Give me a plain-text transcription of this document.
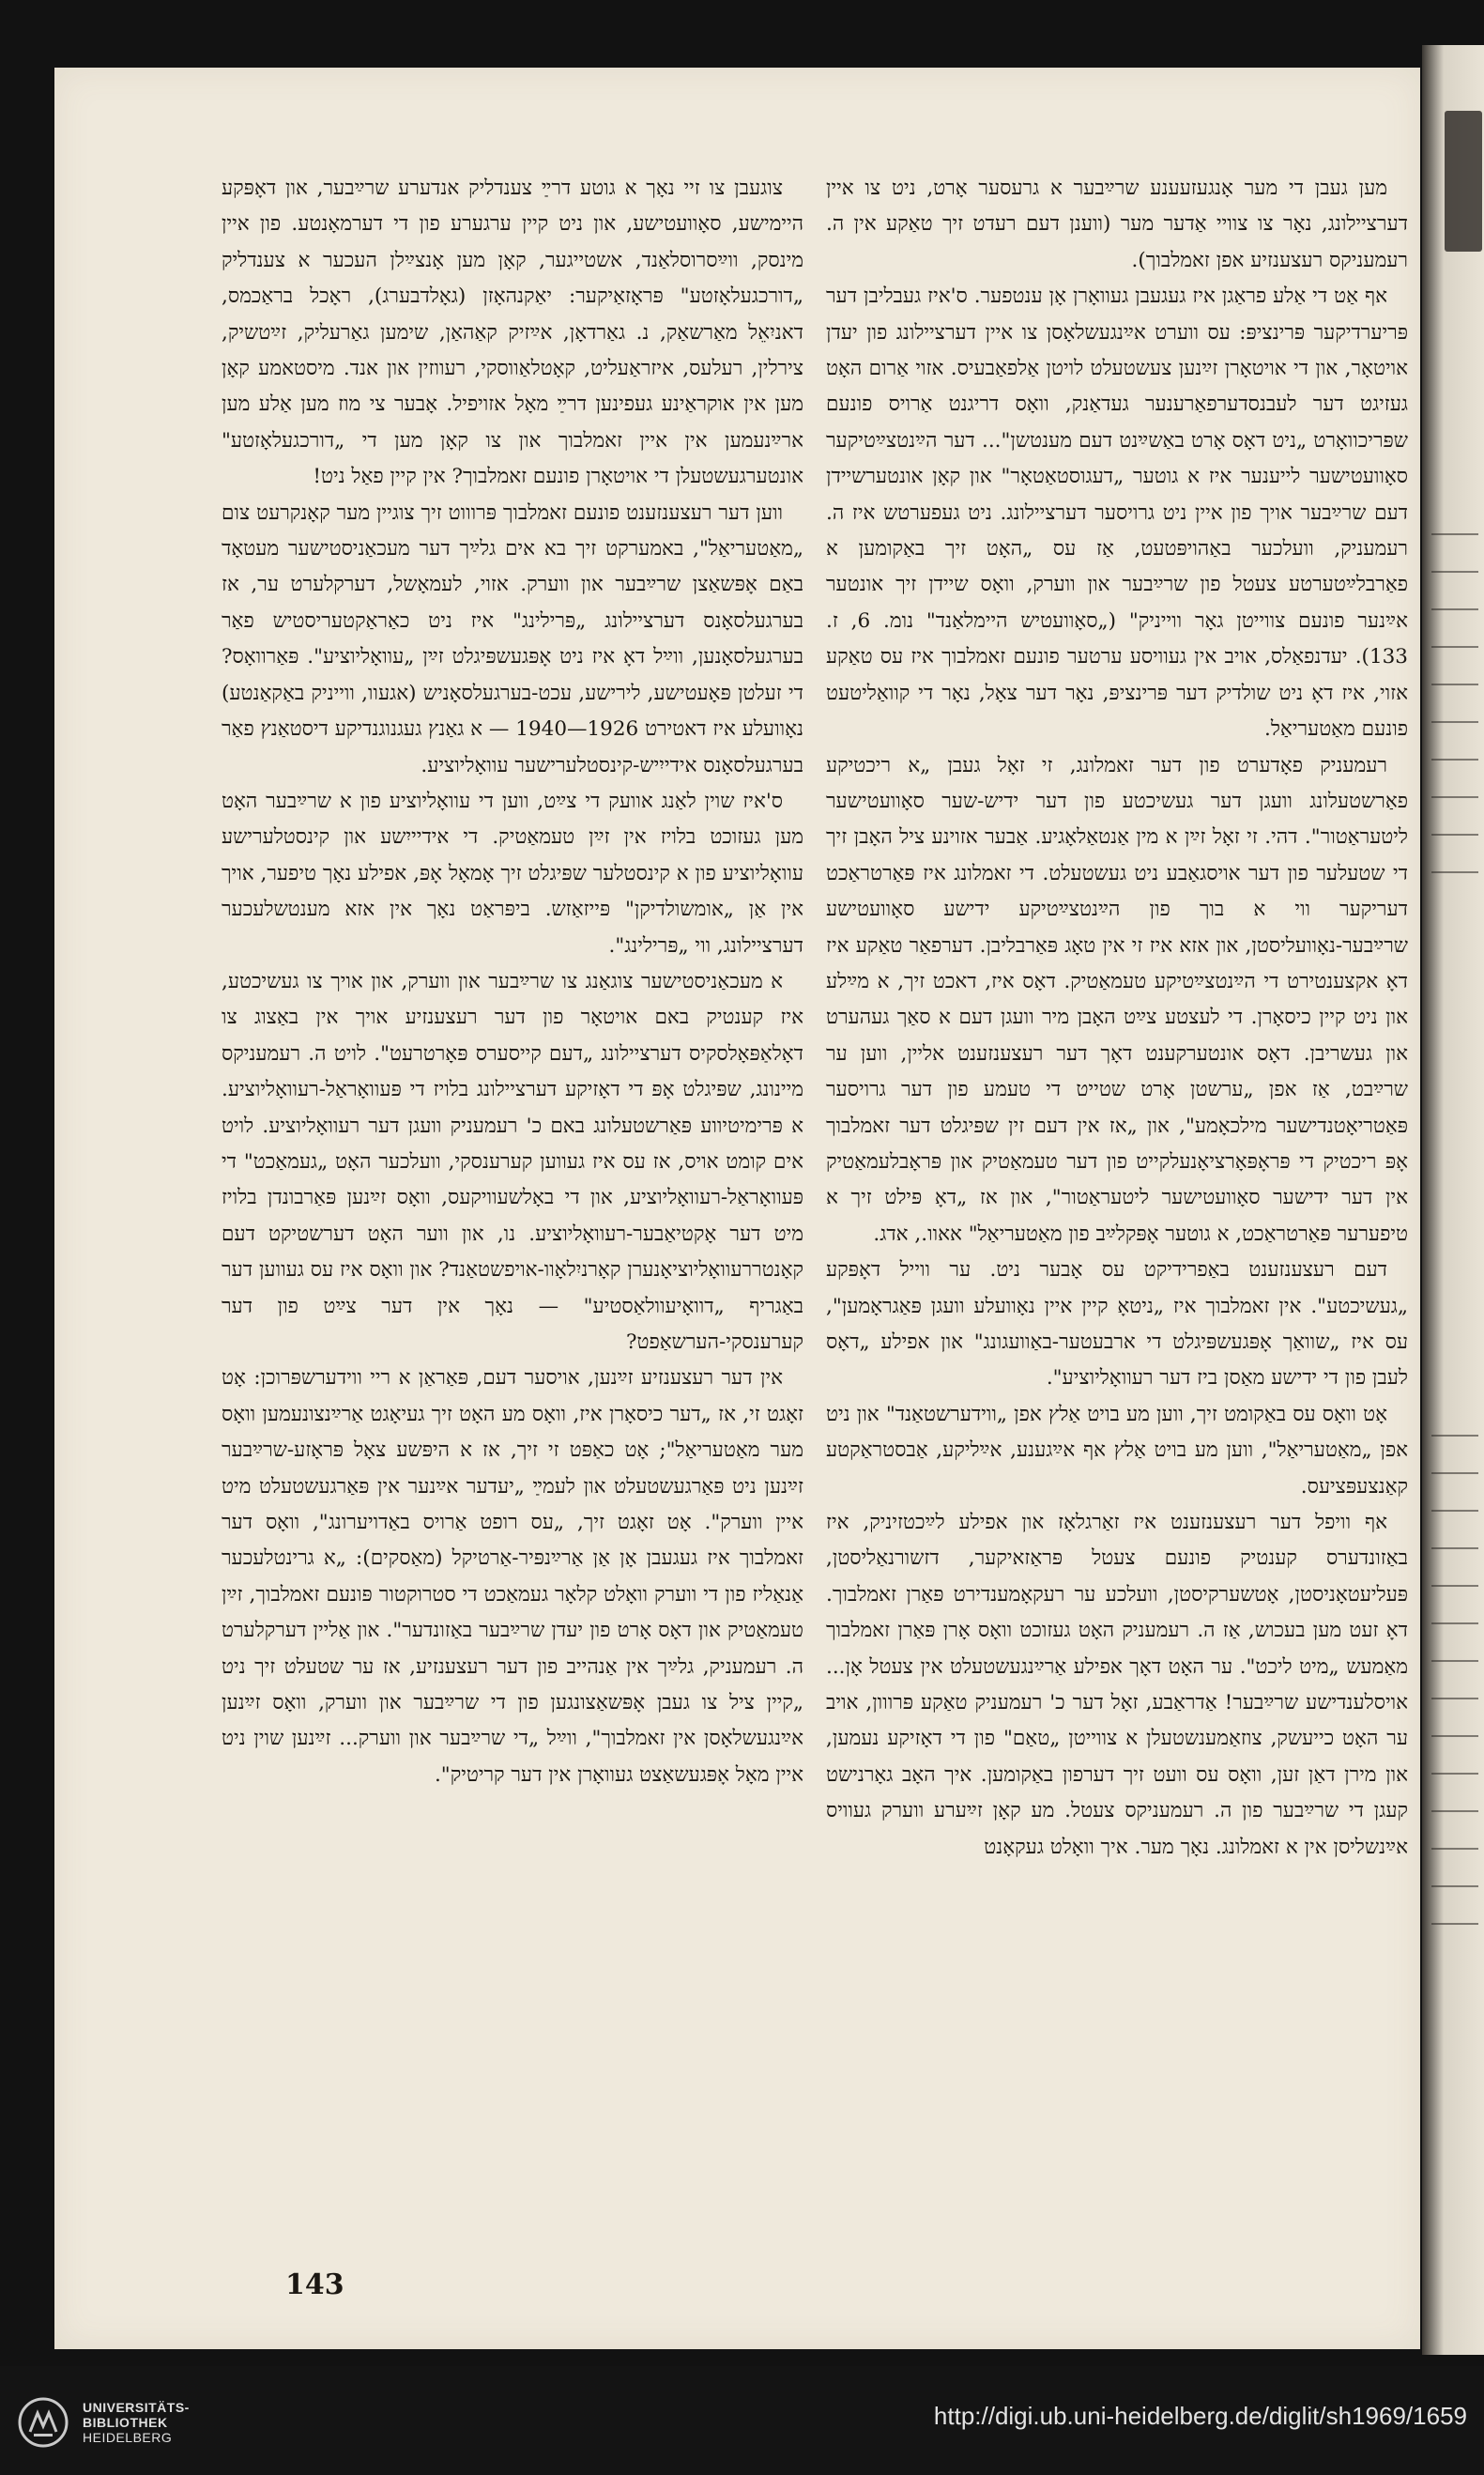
מען געבן די מער אָנגעזעענע שרײַבער א גרעסער אָרט, ניט צו איין דערציילונג, נאָר צו צוויי אַדער מער (ווענן דעם רעדט זיך טאַקע אין ה. רעמעניקס רעצענזיע אפן זאמלבוך).

אף אַט די אַלע פראַגן איז געגעבן געוואָרן אָן ענטפער. ס'איז געבליבן דער פּריערדיקער פּרינציפּ: עס ווערט אײַנגעשלאָסן צו איין דערציילונג פון יעדן אויטאָר, און די אויטאָרן זײַנען צעשטעלט לויטן אַלפאַבעיס. אזוי אַרום האָט געזיגט דער לעבנסדערפאַרענער געדאַנק, וואָס דריגנט אַרויס פונעם שפּריכוואָרט „ניט דאָס אָרט באַשײַנט דעם מענטשן"... דער הײַנטצײַטיקער סאָוועטישער לייענער איז א גוטער „דעגוסטאַטאָר" און קאָן אונטערשיידן דעם שרײַבער אויך פון איין ניט גרויסער דערציילונג. ניט געפערטש איז ה. רעמעניק, וועלכער באַהויפּטעט, אַז עס „האָט זיך באַקומען א פאַרבלײַטערטע צעטל פון שרײַבער און ווערק, וואָס שיידן זיך אונטער אײַנער פונעם צווייטן גאָר ווייניק" („סאָוועטיש היימלאַנד" נומ. 6, ז. 133). יעדנפאַלס, אויב אין געוויסע ערטער פונעם זאמלבוך איז עס טאַקע אזוי, איז דאָ ניט שולדיק דער פּרינציפּ, נאָר דער צאָל, נאָר די קוואַליטעט פונעם מאַטעריאַל.

רעמעניק פאָדערט פון דער זאמלונג, זי זאָל געבן „א ריכטיקע פאַרשטעלונג וועגן דער געשיכטע פון דער ידיש-שער סאָוועטישער ליטעראַטור". דהי. זי זאָל זײַן א מין אַנטאַלאָגיע. אַבער אזוינע ציל האָבן זיך די שטעלער פון דער אויסגאַבע ניט געשטעלט. די זאמלונג איז פּאַרטראַכט דעריקער ווי א בוך פון הײַנטצײַטיקע ידישע סאָוועטישע שרײַבער-נאָוועליסטן, און אזא איז זי אין טאָג פּאַרבליבן. דערפאַר טאַקע איז דאָ אקצענטירט די הײַנטצײַטיקע טעמאַטיק. דאָס איז, דאכט זיך, א מײַלע און ניט קיין כיסאָרן. די לעצטע צײַט האָבן מיר וועגן דעם א סאַך געהערט און געשריבן. דאָס אונטערקענט דאָך דער רעצענזענט אליין, ווען ער שרײַבט, אַז אפן „ערשטן אָרט שטייט די טעמע פון דער גרויסער פּאַטריאָטנדישער מילכאָמע", און „אז אין דעם זין שפּיגלט דער זאמלבוך אָפּ ריכטיק די פּראָפּאָרציאָנעלקייט פון דער טעמאַטיק און פּראָבלעמאַטיק אין דער ידישער סאָוועטישער ליטעראַטור", און אז „דאָ פּילט זיך א טיפערער פּאַרטראַכט, א גוטער אָפּקלײַב פון מאַטעריאַל" אאוו., אדג.

דעם רעצענזענט באַפרידיקט עס אָבער ניט. ער ווייל דאָפּקע „געשיכטע". אין זאמלבוך איז „ניטאָ קיין איין נאָוועלע וועגן פּאַגראָמען", עס איז „שוואַך אָפּגעשפּיגלט די ארבעטער-באַוועגונג" און אפילע „דאָס לעבן פון די ידישע מאַסן ביז דער רעוואָליוציע".

אָט וואָס עס באַקומט זיך, ווען מע בויט אַלץ אפן „ווידערשטאַנד" און ניט אפן „מאַטעריאַל", ווען מע בויט אַלץ אף אײַגענע, אײַליקע, אַבסטראַקטע קאַנצעפּציעס.

אף וויפל דער רעצענזענט איז זאַרגלאָז און אפילע לײַכטזיניק, איז באַזונדערס קענטיק פונעם צעטל פּראַזאיקער, דזשורנאַליסטן, פּעליעטאָניסטן, אָטשערקיסטן, וועלכע ער רעקאָמענדירט פּאַרן זאמלבוך. דאָ זעט מען בעכוש, אַז ה. רעמעניק האָט געזוכט וואָס אָרן פּאַרן זאמלבוך מאַמעש „מיט ליכט". ער האָט דאָך אפילע אַרײַנגעשטעלט אין צעטל אָן... אויסלענדישע שרײַבער! אַדראַבע, זאָל דער כ' רעמעניק טאַקע פּרווון, אויב ער האָט כייעשק, צוזאַמענשטעלן א צווייטן „טאַם" פון די דאָזיקע נעמען, און מירן דאַן זען, וואָס עס וועט זיך דערפון באַקומען. איך האָב גאָרנישט קעגן די שרײַבער פון ה. רעמעניקס צעטל. מע קאָן זײַערע ווערק געוויס אײַנשליסן אין א זאמלונג. נאָך מער. איך וואָלט געקאָנט

צוגעבן צו זיי נאָך א גוטע דרײַ צענדליק אנדערע שרײַבער, און דאָפּקע היימישע, סאָוועטישע, און ניט קיין ערגערע פון די דערמאָנטע. פון איין מינסק, ווײַסרוסלאַנד, אשטייגער, קאָן מען אָנצײַלן העכער א צענדליק „דורכגעלאָזטע" פּראָזאַיקער: יאַקנהאָזן (גאָלדבערג), ראָכל בראַכמס, דאניִאֵל מאַרשאַק, נ. גאַרדאָן, אײַזיק קאַהאַן, שימען גאַרעליק, זײַטשיק, צירלין, רעלעס, איזראַעליט, קאָטלאַווסקי, רעווזין און אנד. מיסטאמע קאָן מען אין אוקראַינע געפינען דרײַ מאָל אזויפיל. אָבער צי מוז מען אַלע מען ארײַנעמען אין איין זאמלבוך און צו קאָן מען די „דורכגעלאָזטע" אונטערגעשטעלן די אויטאָרן פונעם זאמלבוך? אין קיין פאַל ניט!

ווען דער רעצענזענט פונעם זאמלבוך פּרוווט זיך צוגיין מער קאָנקרעט צום „מאַטעריאַל", באמערקט זיך בא אים גלײַך דער מעכאַניסטישער מעטאָד באַם אָפּשאַצן שרײַבער און ווערק. אזוי, לעמאָשל, דערקלערט ער, אז בערגעלסאָנס דערציילונג „פּרילינג" איז ניט כאַראַקטעריסטיש פאַר בערגעלסאָנען, ווײַל דאָ איז ניט אָפּגעשפּיגלט זײַן „עוואָליוציע". פּאַרוואָס? די זעלטן פּאָעטישע, לירישע, עכט-בערגעלסאָניש (אגעוו, ווייניק באַקאַנטע) נאָוועלע איז דאטירט 1926—1940 — א גאַנץ געגנוגנדיקע דיסטאַנץ פאַר בערגעלסאָנס אידייִיש-קינסטלערישער עוואָליוציע.

ס'איז שוין לאַנג אוועק די צײַט, ווען די עוואָליוציע פון א שרײַבער האָט מען געזוכט בלויז אין זײַן טעמאַטיק. די אידיייִשע און קינסטלערישע עוואָליוציע פון א קינסטלער שפּיגלט זיך אָמאָל אָפּ, אפילע נאָך טיפער, אויך אין אַן „אומשולדיקן" פּייזאַזש. ביפּראַט נאָך אין אזא מענטשלעכער דערציילונג, ווי „פּרילינג".

א מעכאַניסטישער צוגאַנג צו שרײַבער און ווערק, און אויך צו געשיכטע, איז קענטיק באם אויטאָר פון דער רעצענזיע אויך אין באַצוג צו דאָלאַפּאָלסקיס דערציילונג „דעם קייסערס פּאָרטרעט". לויט ה. רעמעניקס מיינונג, שפּיגלט אָפּ די דאָזיקע דערציילונג בלויז די פּעוואָראַל-רעוואָליוציע. א פּרימיטיווע פּאַרשטעלונג באם כ' רעמעניק וועגן דער רעוואָליוציע. לויט אים קומט אויס, אז עס איז געווען קערענסקי, וועלכער האָט „געמאַכט" די פּעוואָראַל-רעוואָליוציע, און די באָלשעוויקעס, וואָס זײַנען פּאַרבונדן בלויז מיט דער אָקטיאַבער-רעוואָליוציע. נו, און ווער האָט דערשטיקט דעם קאָנטררעוואָליוציאָנערן קאָרניִלאָוו-אויפשטאַנד? און וואָס איז עס געווען דער באַגריף „דוואָיעוולאַסטיע" — נאָך אין דער צײַט פון דער קערענסקי-הערשאַפט?

אין דער רעצענזיע זײַנען, אויסער דעם, פּאַראַן א ריי ווידערשפּרוכן: אָט זאָגט זי, אז „דער כיסאָרן איז, וואָס מע האָט זיך געיאָגט אַרײַנצונעמען וואָס מער מאַטעריאַל"; אָט כאַפּט זי זיך, אז א היפּשע צאָל פּראָזע-שרײַבער זײַנען ניט פּאַרגעשטעלט און לעמײַ „יעדער אײַנער אין פּאַרגעשטעלט מיט איין ווערק". אָט זאָגט זיך, „עס רופט אַרויס באַדויערונג", וואָס דער זאמלבוך איז געגעבן אָן אַן אַרײַנפּיר-אַרטיקל (מאַסקים): „א גרינטלעכער אַנאַליז פון די ווערק וואָלט קלאָר געמאַכט די סטרוקטור פּונעם זאמלבוך, זײַן טעמאַטיק און דאָס אָרט פון יעדן שרײַבער באַזונדער". און אַליין דערקלערט ה. רעמעניק, גלײַך אין אַנהייב פון דער רעצענזיע, אז ער שטעלט זיך ניט „קיין ציל צו געבן אָפּשאַצונגען פון די שרײַבער און ווערק, וואָס זײַנען אײַנגעשלאָסן אין זאמלבוך", ווײַל „די שרײַבער און ווערק... זײַנען שוין ניט איין מאָל אָפּגעשאַצט געוואָרן אין דער קריטיק".

143
UNIVERSITÄTS-
BIBLIOTHEK
HEIDELBERG
http://digi.ub.uni-heidelberg.de/diglit/sh1969/1659
